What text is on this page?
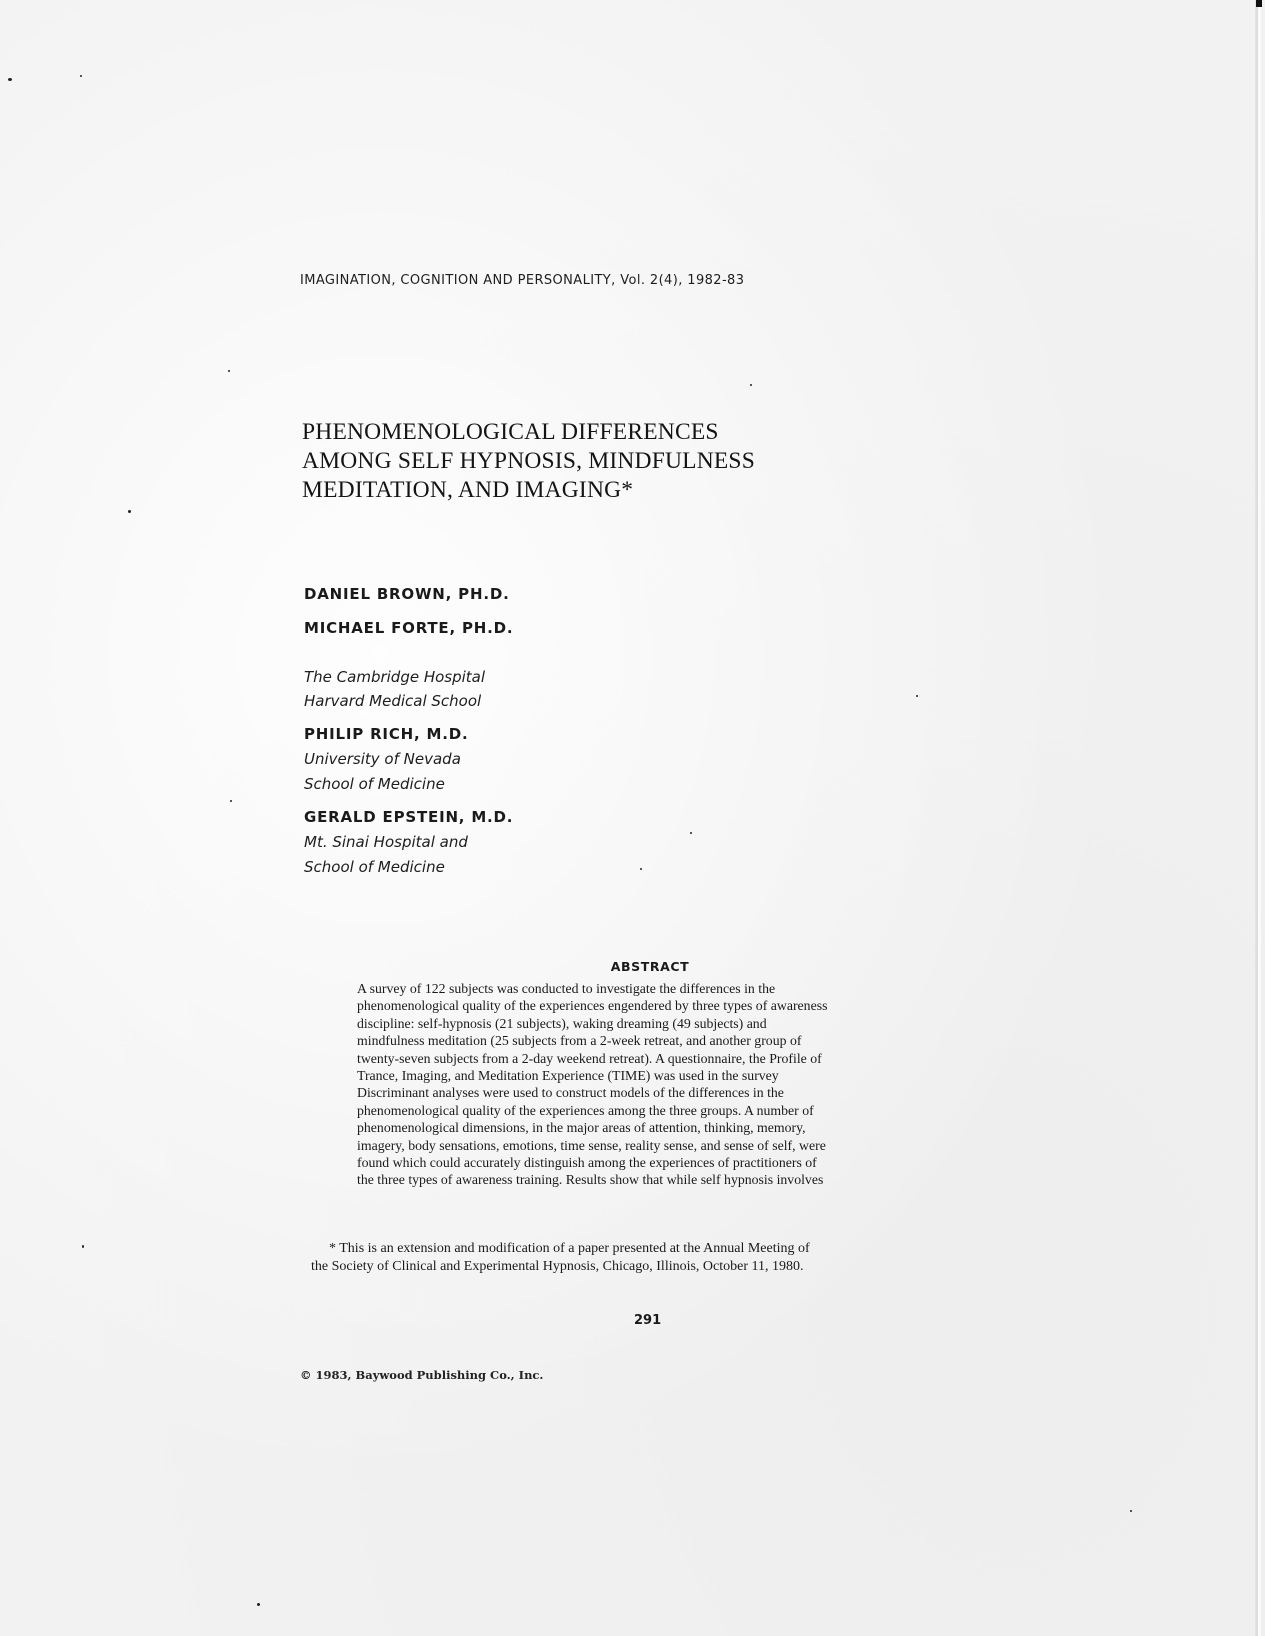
IMAGINATION, COGNITION AND PERSONALITY, Vol. 2(4), 1982-83
PHENOMENOLOGICAL DIFFERENCES
AMONG SELF HYPNOSIS, MINDFULNESS
MEDITATION, AND IMAGING*
DANIEL BROWN, PH.D.
MICHAEL FORTE, PH.D.
The Cambridge Hospital
Harvard Medical School
PHILIP RICH, M.D.
University of Nevada
School of Medicine
GERALD EPSTEIN, M.D.
Mt. Sinai Hospital and
School of Medicine
ABSTRACT
A survey of 122 subjects was conducted to investigate the differences in the
phenomenological quality of the experiences engendered by three types of awareness
discipline: self-hypnosis (21 subjects), waking dreaming (49 subjects) and
mindfulness meditation (25 subjects from a 2-week retreat, and another group of
twenty-seven subjects from a 2-day weekend retreat). A questionnaire, the Profile of
Trance, Imaging, and Meditation Experience (TIME) was used in the survey
Discriminant analyses were used to construct models of the differences in the
phenomenological quality of the experiences among the three groups. A number of
phenomenological dimensions, in the major areas of attention, thinking, memory,
imagery, body sensations, emotions, time sense, reality sense, and sense of self, were
found which could accurately distinguish among the experiences of practitioners of
the three types of awareness training. Results show that while self hypnosis involves
* This is an extension and modification of a paper presented at the Annual Meeting of
the Society of Clinical and Experimental Hypnosis, Chicago, Illinois, October 11, 1980.
291
© 1983, Baywood Publishing Co., Inc.
